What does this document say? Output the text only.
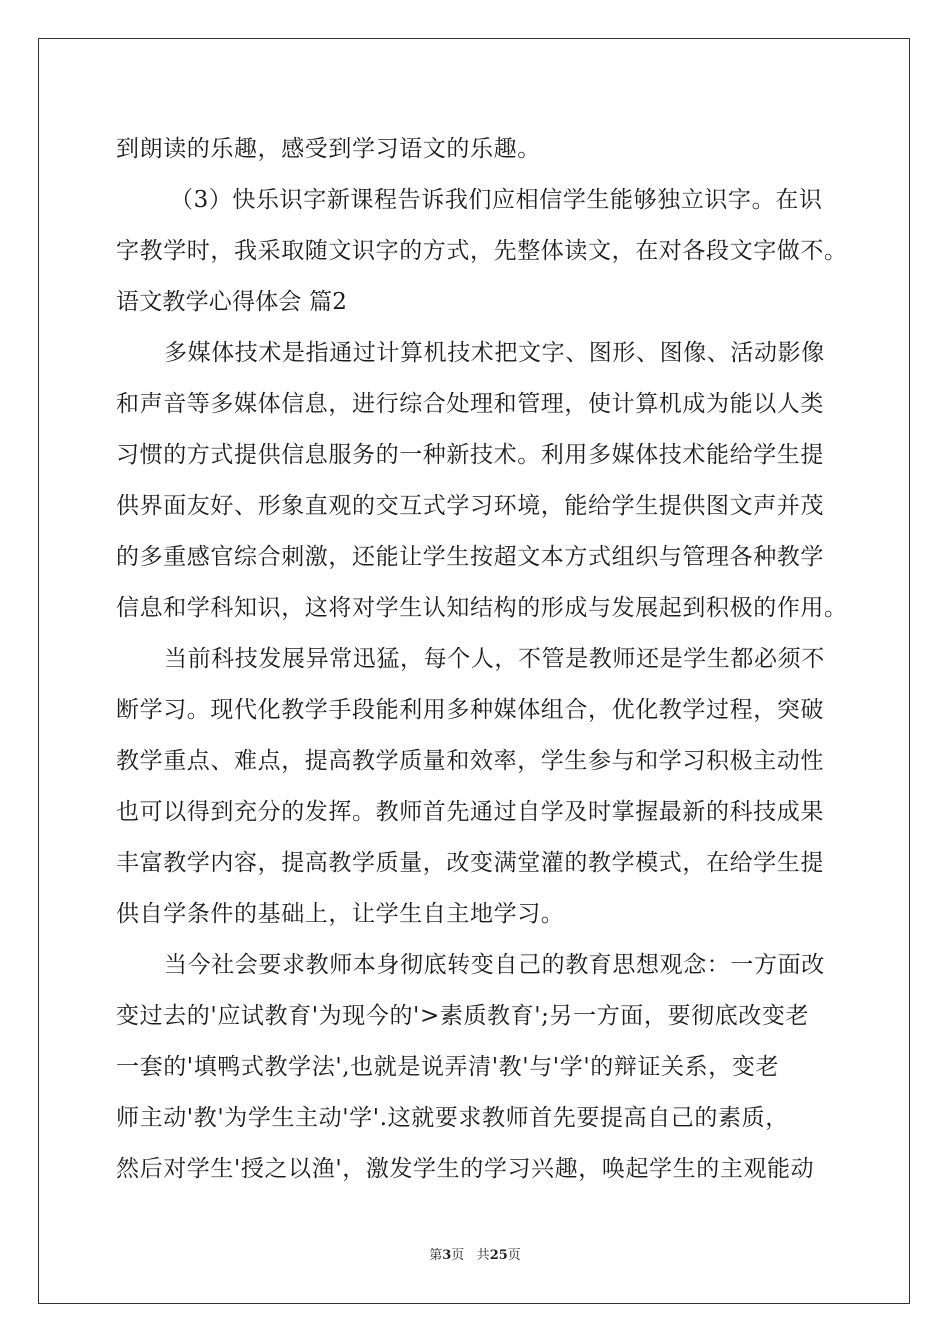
到朗读的乐趣，感受到学习语文的乐趣。
（3）快乐识字新课程告诉我们应相信学生能够独立识字。在识
字教学时，我采取随文识字的方式，先整体读文，在对各段文字做不。
语文教学心得体会 篇2
多媒体技术是指通过计算机技术把文字、图形、图像、活动影像
和声音等多媒体信息，进行综合处理和管理，使计算机成为能以人类
习惯的方式提供信息服务的一种新技术。利用多媒体技术能给学生提
供界面友好、形象直观的交互式学习环境，能给学生提供图文声并茂
的多重感官综合刺激，还能让学生按超文本方式组织与管理各种教学
信息和学科知识，这将对学生认知结构的形成与发展起到积极的作用。
当前科技发展异常迅猛，每个人，不管是教师还是学生都必须不
断学习。现代化教学手段能利用多种媒体组合，优化教学过程，突破
教学重点、难点，提高教学质量和效率，学生参与和学习积极主动性
也可以得到充分的发挥。教师首先通过自学及时掌握最新的科技成果
丰富教学内容，提高教学质量，改变满堂灌的教学模式，在给学生提
供自学条件的基础上，让学生自主地学习。
当今社会要求教师本身彻底转变自己的教育思想观念：一方面改
变过去的'应试教育'为现今的'>素质教育';另一方面，要彻底改变老
一套的'填鸭式教学法',也就是说弄清'教'与'学'的辩证关系，变老
师主动'教'为学生主动'学'.这就要求教师首先要提高自己的素质，
然后对学生'授之以渔'，激发学生的学习兴趣，唤起学生的主观能动
第3页 共25页
